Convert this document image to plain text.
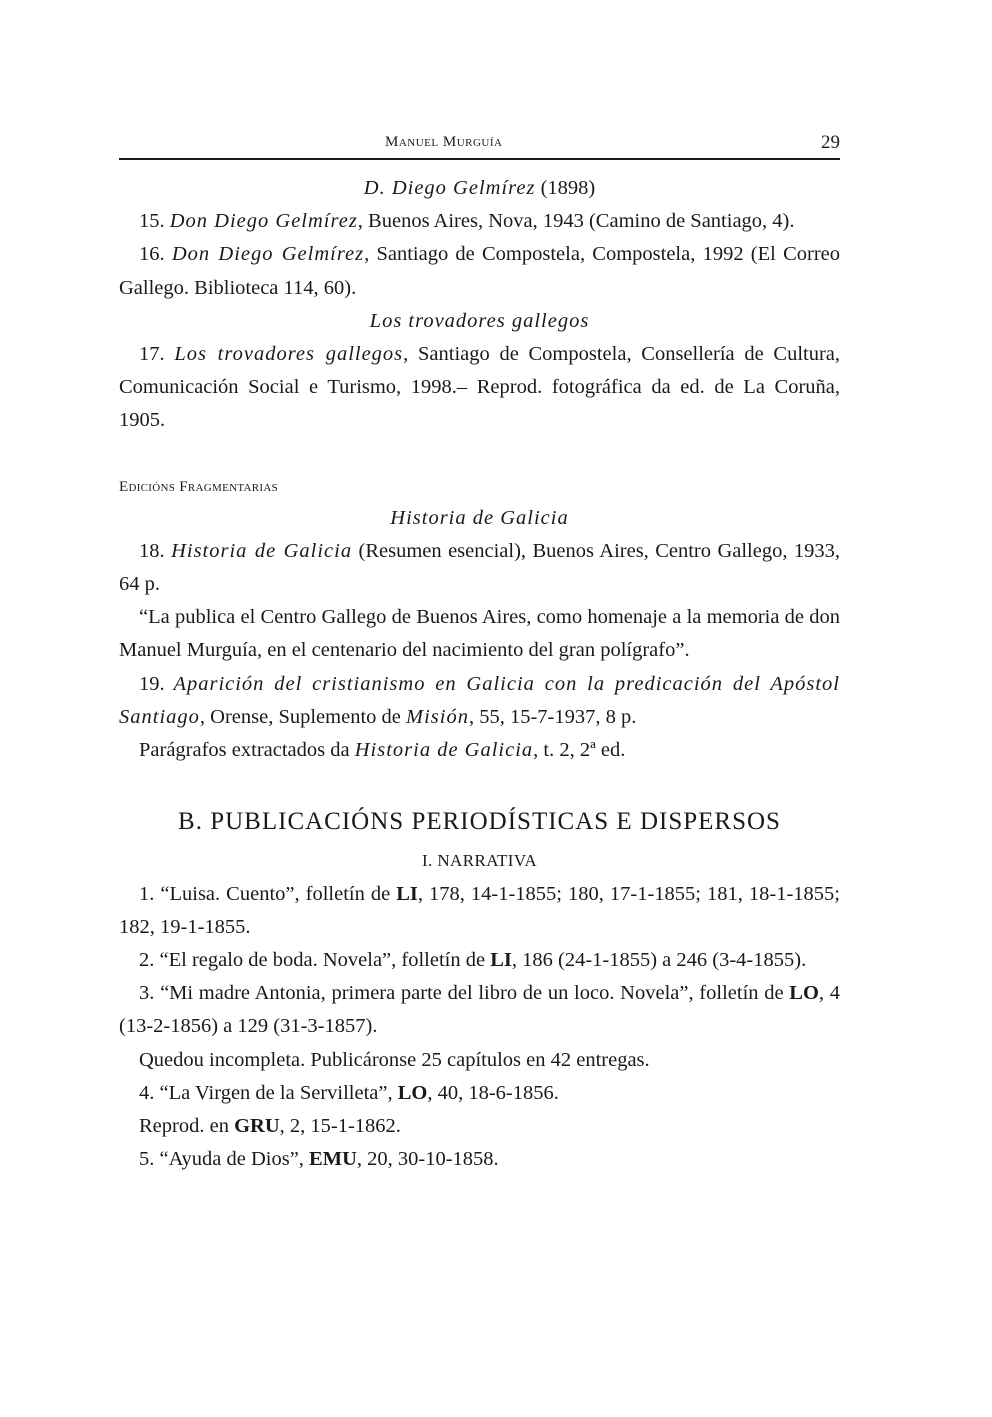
Manuel Murguía	29

D. Diego Gelmírez (1898)

15. Don Diego Gelmírez, Buenos Aires, Nova, 1943 (Camino de Santiago, 4).

16. Don Diego Gelmírez, Santiago de Compostela, Compostela, 1992 (El Correo Gallego. Biblioteca 114, 60).

Los trovadores gallegos

17. Los trovadores gallegos, Santiago de Compostela, Consellería de Cultura, Comunicación Social e Turismo, 1998.– Reprod. fotográfica da ed. de La Coruña, 1905.

Edicións Fragmentarias

Historia de Galicia

18. Historia de Galicia (Resumen esencial), Buenos Aires, Centro Gallego, 1933, 64 p.

“La publica el Centro Gallego de Buenos Aires, como homenaje a la memoria de don Manuel Murguía, en el centenario del nacimiento del gran polígrafo”.

19. Aparición del cristianismo en Galicia con la predicación del Apóstol Santiago, Orense, Suplemento de Misión, 55, 15-7-1937, 8 p.

Parágrafos extractados da Historia de Galicia, t. 2, 2ª ed.

B. PUBLICACIÓNS PERIODÍSTICAS E DISPERSOS

I. NARRATIVA

1. “Luisa. Cuento”, folletín de LI, 178, 14-1-1855; 180, 17-1-1855; 181, 18-1-1855; 182, 19-1-1855.

2. “El regalo de boda. Novela”, folletín de LI, 186 (24-1-1855) a 246 (3-4-1855).

3. “Mi madre Antonia, primera parte del libro de un loco. Novela”, folletín de LO, 4 (13-2-1856) a 129 (31-3-1857).

Quedou incompleta. Publicáronse 25 capítulos en 42 entregas.

4. “La Virgen de la Servilleta”, LO, 40, 18-6-1856.

Reprod. en GRU, 2, 15-1-1862.

5. “Ayuda de Dios”, EMU, 20, 30-10-1858.
